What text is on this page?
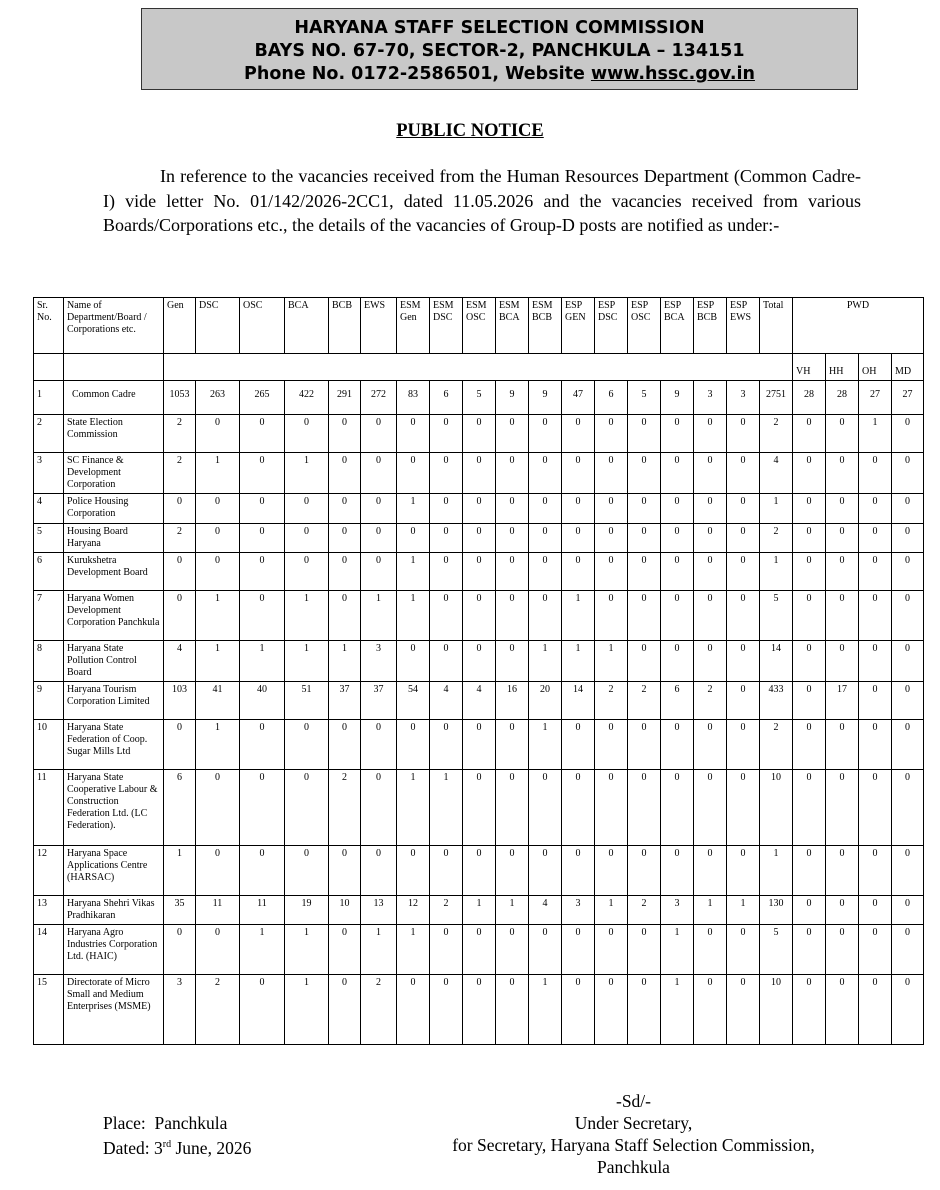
HARYANA STAFF SELECTION COMMISSION
BAYS NO. 67-70, SECTOR-2, PANCHKULA – 134151
Phone No. 0172-2586501, Website www.hssc.gov.in
PUBLIC NOTICE
In reference to the vacancies received from the Human Resources Department (Common Cadre-I) vide letter No. 01/142/2026-2CC1, dated 11.05.2026 and the vacancies received from various Boards/Corporations etc., the details of the vacancies of Group-D posts are notified as under:-
Sr. No.	Name of Department/Board / Corporations etc.	Gen	DSC	OSC	BCA	BCB	EWS	ESM Gen	ESM DSC	ESM OSC	ESM BCA	ESM BCB	ESP GEN	ESP DSC	ESP OSC	ESP BCA	ESP BCB	ESP EWS	Total	PWD			
																				VH	HH	OH	MD
1	Common Cadre	1053	263	265	422	291	272	83	6	5	9	9	47	6	5	9	3	3	2751	28	28	27	27
2	State Election Commission	2	0	0	0	0	0	0	0	0	0	0	0	0	0	0	0	0	2	0	0	1	0
3	SC Finance & Development Corporation	2	1	0	1	0	0	0	0	0	0	0	0	0	0	0	0	0	4	0	0	0	0
4	Police Housing Corporation	0	0	0	0	0	0	1	0	0	0	0	0	0	0	0	0	0	1	0	0	0	0
5	Housing Board Haryana	2	0	0	0	0	0	0	0	0	0	0	0	0	0	0	0	0	2	0	0	0	0
6	Kurukshetra Development Board	0	0	0	0	0	0	1	0	0	0	0	0	0	0	0	0	0	1	0	0	0	0
7	Haryana Women Development Corporation Panchkula	0	1	0	1	0	1	1	0	0	0	0	1	0	0	0	0	0	5	0	0	0	0
8	Haryana State Pollution Control Board	4	1	1	1	1	3	0	0	0	0	1	1	1	0	0	0	0	14	0	0	0	0
9	Haryana Tourism Corporation Limited	103	41	40	51	37	37	54	4	4	16	20	14	2	2	6	2	0	433	0	17	0	0
10	Haryana State Federation of Coop. Sugar Mills Ltd	0	1	0	0	0	0	0	0	0	0	1	0	0	0	0	0	0	2	0	0	0	0
11	Haryana State Cooperative Labour & Construction Federation Ltd. (LC Federation).	6	0	0	0	2	0	1	1	0	0	0	0	0	0	0	0	0	10	0	0	0	0
12	Haryana Space Applications Centre (HARSAC)	1	0	0	0	0	0	0	0	0	0	0	0	0	0	0	0	0	1	0	0	0	0
13	Haryana Shehri Vikas Pradhikaran	35	11	11	19	10	13	12	2	1	1	4	3	1	2	3	1	1	130	0	0	0	0
14	Haryana Agro Industries Corporation Ltd. (HAIC)	0	0	1	1	0	1	1	0	0	0	0	0	0	0	1	0	0	5	0	0	0	0
15	Directorate of Micro Small and Medium Enterprises (MSME)	3	2	0	1	0	2	0	0	0	0	1	0	0	0	1	0	0	10	0	0	0	0
Place: Panchkula
Dated: 3rd June, 2026
-Sd/-
Under Secretary,
for Secretary, Haryana Staff Selection Commission,
Panchkula
